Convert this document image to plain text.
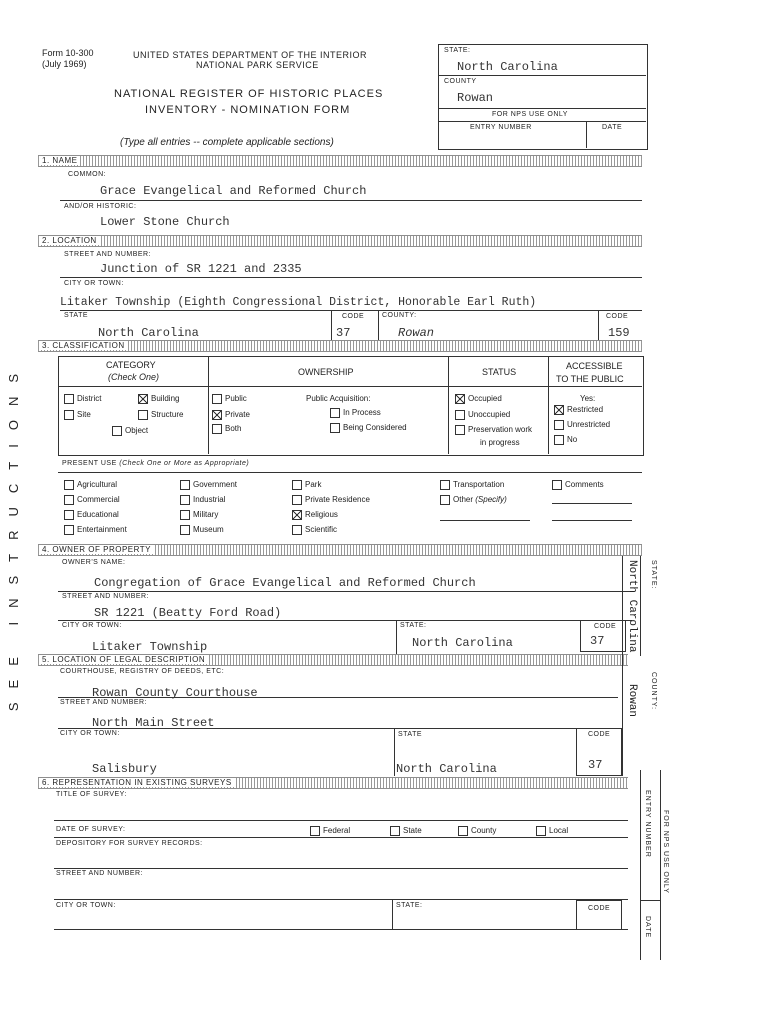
Form 10-300
(July 1969)
UNITED STATES DEPARTMENT OF THE INTERIOR
NATIONAL PARK SERVICE
NATIONAL REGISTER OF HISTORIC PLACES
INVENTORY - NOMINATION FORM
(Type all entries -- complete applicable sections)
STATE:
North Carolina
COUNTY
Rowan
FOR NPS USE ONLY
ENTRY NUMBER	DATE
SEE INSTRUCTIONS
1. NAME
COMMON:
Grace Evangelical and Reformed Church
AND/OR HISTORIC:
Lower Stone Church
2. LOCATION
STREET AND NUMBER:
Junction of SR 1221 and 2335
CITY OR TOWN:
Litaker Township (Eighth Congressional District, Honorable Earl Ruth)
STATE
North Carolina
CODE
37
COUNTY:
Rowan
CODE
159
3. CLASSIFICATION
CATEGORY
(Check One)	OWNERSHIP	STATUS
ACCESSIBLE
TO THE PUBLIC
District	Building
Site	Structure
Object
Public
Private
Both
Public Acquisition:
In Process
Being Considered
Occupied
Unoccupied
Preservation work
in progress
Yes:
Restricted
Unrestricted
No
PRESENT USE (Check One or More as Appropriate)
Agricultural
Commercial
Educational
Entertainment
Government
Industrial
Military
Museum
Park
Private Residence
Religious
Scientific
Transportation
Other (Specify)
Comments
4. OWNER OF PROPERTY
OWNER'S NAME:
Congregation of Grace Evangelical and Reformed Church
STREET AND NUMBER:
SR 1221 (Beatty Ford Road)
CITY OR TOWN:
Litaker Township
STATE:
North Carolina
CODE
37
5. LOCATION OF LEGAL DESCRIPTION
COURTHOUSE, REGISTRY OF DEEDS, ETC:
Rowan County Courthouse
STREET AND NUMBER:
North Main Street
CITY OR TOWN:
Salisbury
STATE
North Carolina
CODE
37
6. REPRESENTATION IN EXISTING SURVEYS
TITLE OF SURVEY:
DATE OF SURVEY:	Federal	State	County	Local
DEPOSITORY FOR SURVEY RECORDS:
STREET AND NUMBER:
CITY OR TOWN:	STATE:	CODE
North Carolina STATE:
Rowan COUNTY:
ENTRY NUMBER
DATE
FOR NPS USE ONLY
